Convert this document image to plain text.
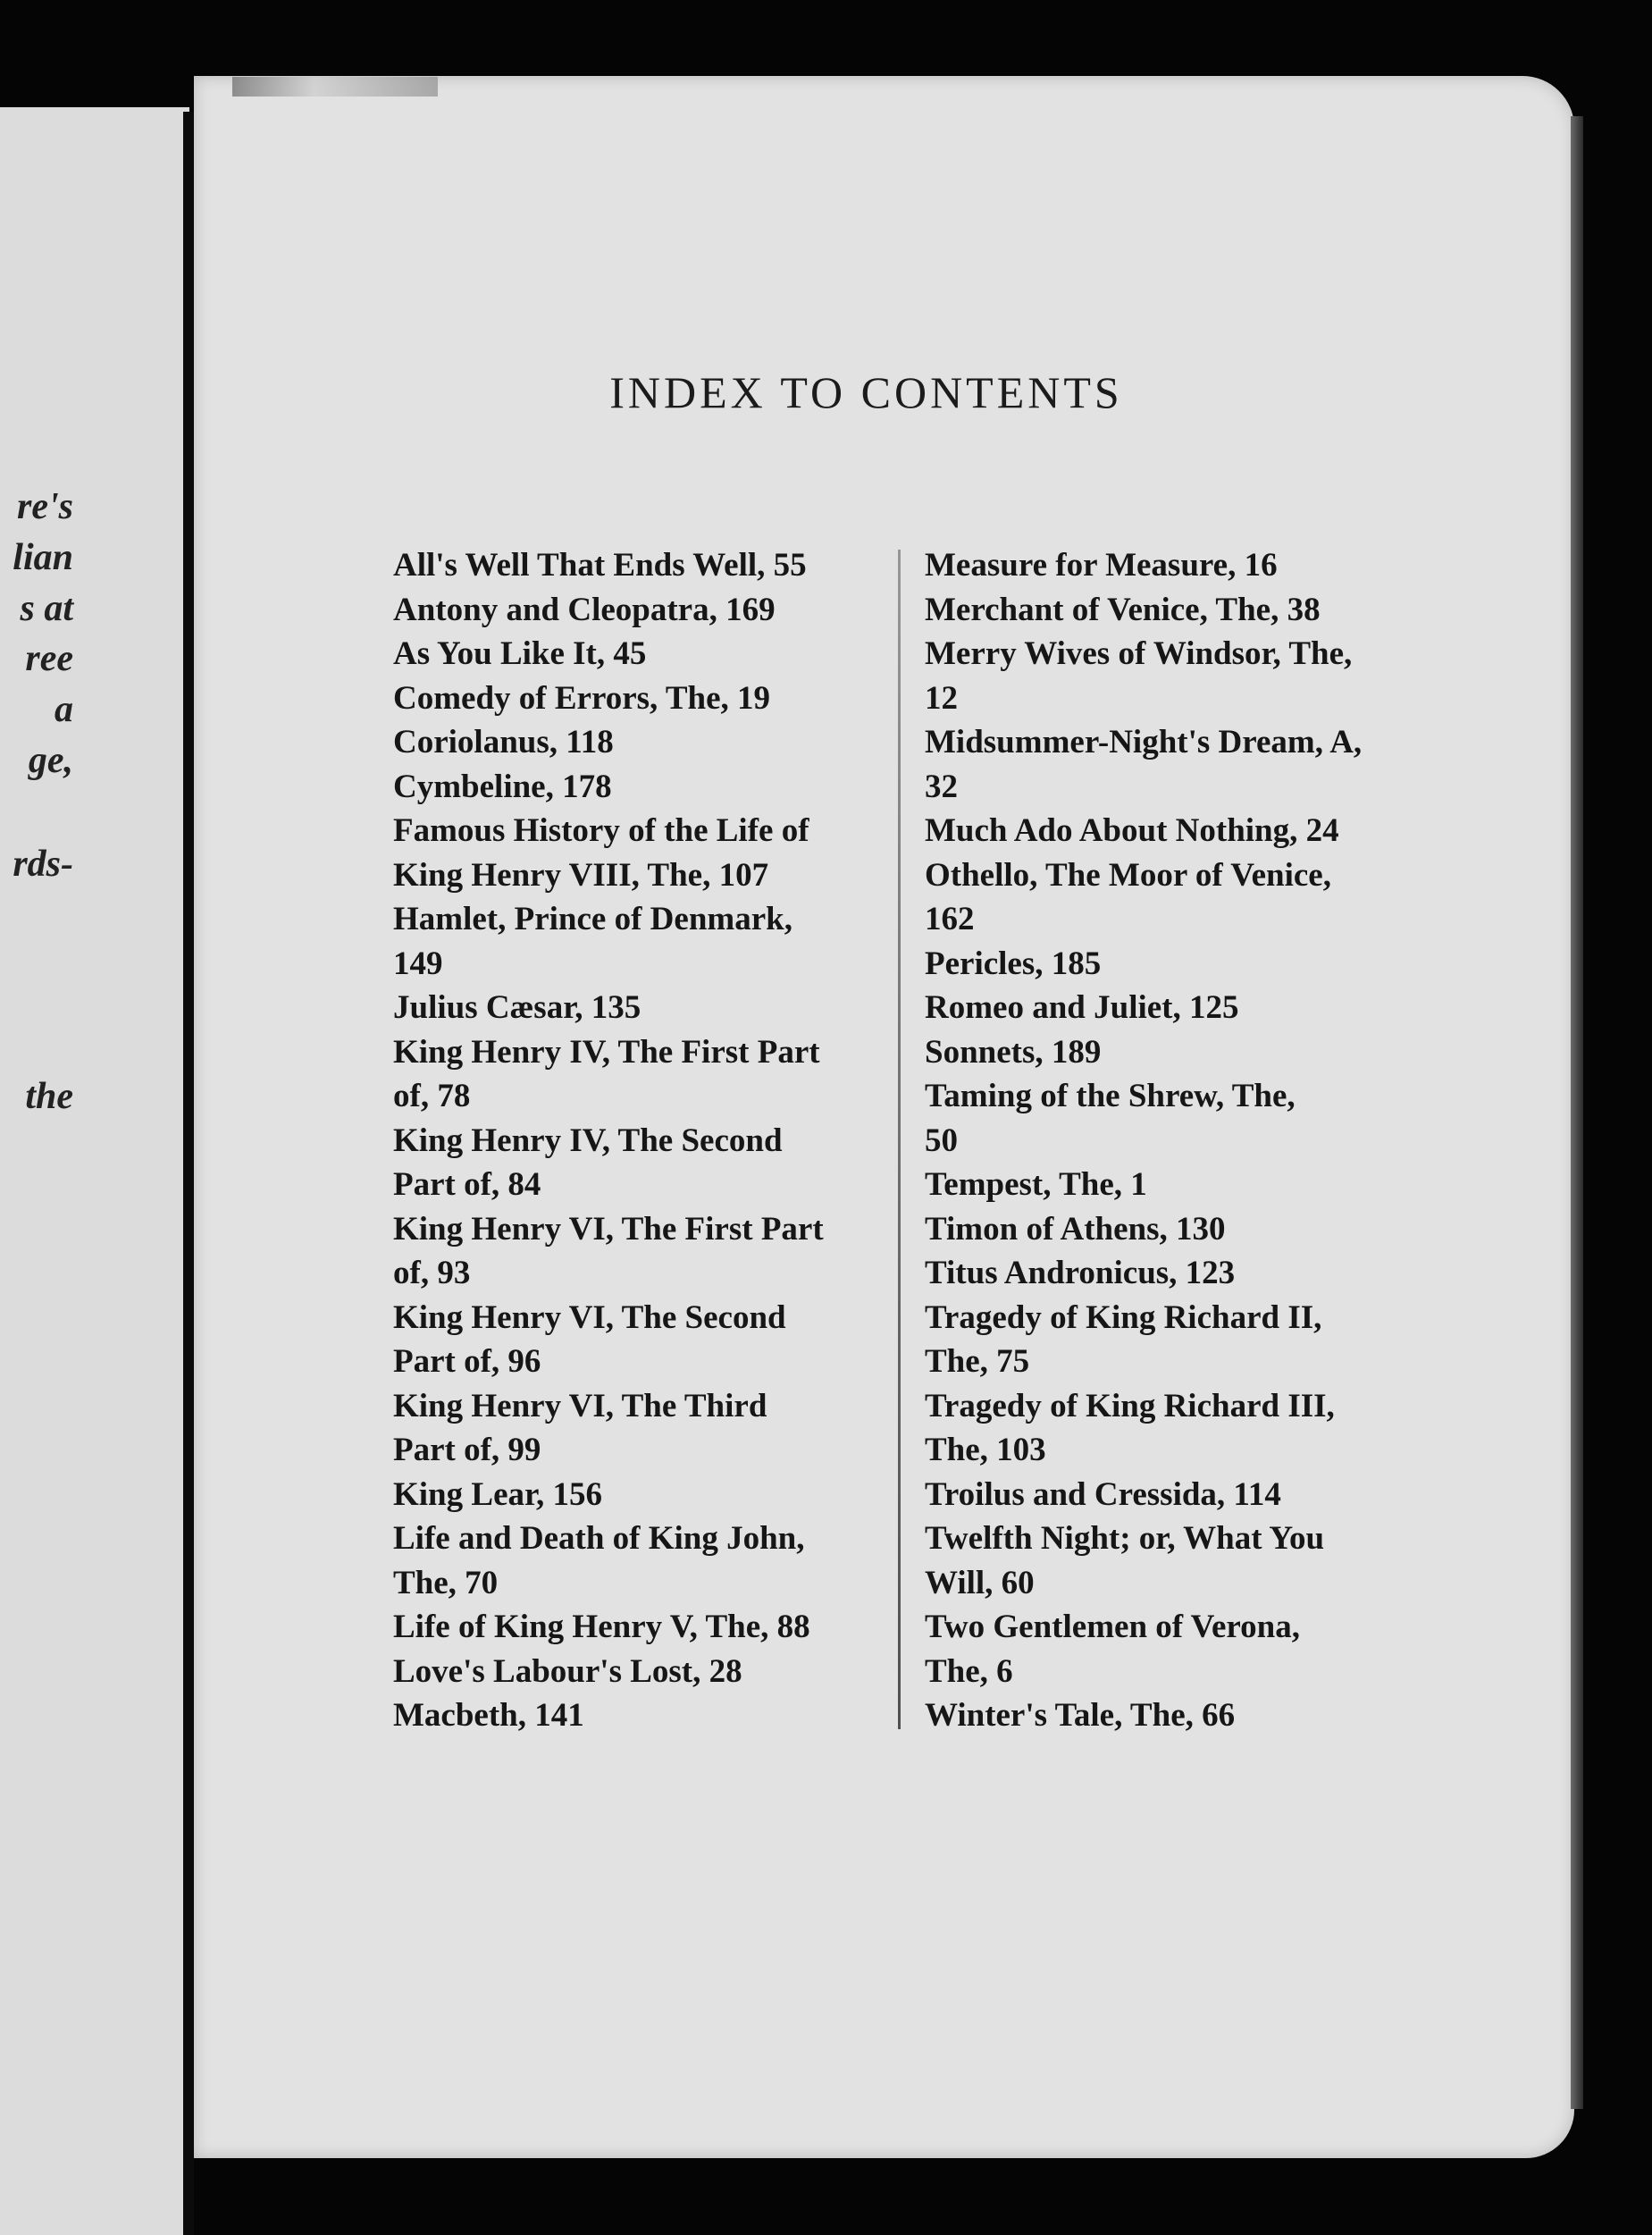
re's
lian
s at
ree
a
ge,
rds-
the
INDEX TO CONTENTS
All's Well That Ends Well, 55
Antony and Cleopatra, 169
As You Like It, 45
Comedy of Errors, The, 19
Coriolanus, 118
Cymbeline, 178
Famous History of the Life of
King Henry VIII, The, 107
Hamlet, Prince of Denmark,
149
Julius Cæsar, 135
King Henry IV, The First Part
of, 78
King Henry IV, The Second
Part of, 84
King Henry VI, The First Part
of, 93
King Henry VI, The Second
Part of, 96
King Henry VI, The Third
Part of, 99
King Lear, 156
Life and Death of King John,
The, 70
Life of King Henry V, The, 88
Love's Labour's Lost, 28
Macbeth, 141
Measure for Measure, 16
Merchant of Venice, The, 38
Merry Wives of Windsor, The,
12
Midsummer-Night's Dream, A,
32
Much Ado About Nothing, 24
Othello, The Moor of Venice,
162
Pericles, 185
Romeo and Juliet, 125
Sonnets, 189
Taming of the Shrew, The,
50
Tempest, The, 1
Timon of Athens, 130
Titus Andronicus, 123
Tragedy of King Richard II,
The, 75
Tragedy of King Richard III,
The, 103
Troilus and Cressida, 114
Twelfth Night; or, What You
Will, 60
Two Gentlemen of Verona,
The, 6
Winter's Tale, The, 66
